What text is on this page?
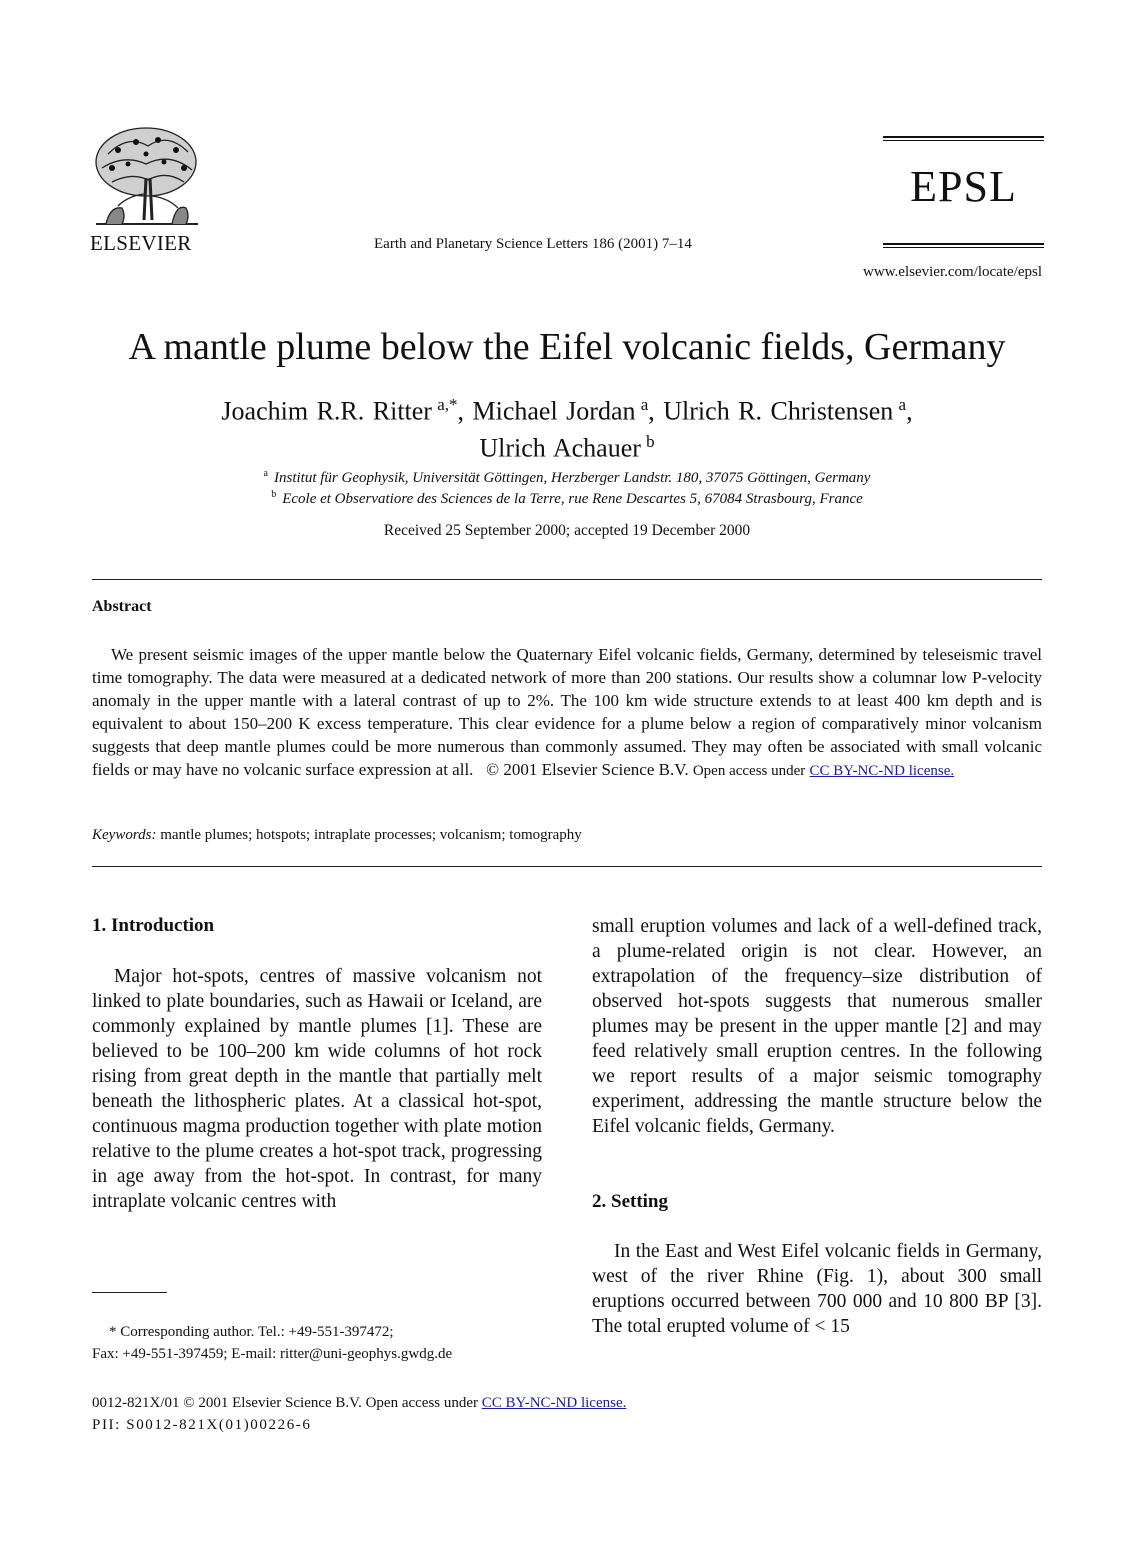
ELSEVIER	Earth and Planetary Science Letters 186 (2001) 7–14
EPSL
www.elsevier.com/locate/epsl
A mantle plume below the Eifel volcanic fields, Germany
Joachim R.R. Ritter  $^{a,*}$, Michael Jordan  $^a$, Ulrich R. Christensen  $^a$,
Ulrich Achauer  $^b$
$^a$ Institut für Geophysik, Universität Göttingen, Herzberger Landstr. 180, 37075 Göttingen, Germany
$^b$ Ecole et Observatiore des Sciences de la Terre, rue Rene Descartes 5, 67084 Strasbourg, France
Received 25 September 2000; accepted 19 December 2000
Abstract
We present seismic images of the upper mantle below the Quaternary Eifel volcanic fields, Germany, determined by teleseismic travel time tomography. The data were measured at a dedicated network of more than 200 stations. Our results show a columnar low P-velocity anomaly in the upper mantle with a lateral contrast of up to 2%. The 100 km wide structure extends to at least 400 km depth and is equivalent to about 150–200 K excess temperature. This clear evidence for a plume below a region of comparatively minor volcanism suggests that deep mantle plumes could be more numerous than commonly assumed. They may often be associated with small volcanic fields or may have no volcanic surface expression at all. © 2001 Elsevier Science B.V. Open access under CC BY-NC-ND license.
Keywords: mantle plumes; hotspots; intraplate processes; volcanism; tomography
1. Introduction

Major hot-spots, centres of massive volcanism not linked to plate boundaries, such as Hawaii or Iceland, are commonly explained by mantle plumes [1]. These are believed to be 100–200 km wide columns of hot rock rising from great depth in the mantle that partially melt beneath the lithospheric plates. At a classical hot-spot, continuous magma production together with plate motion relative to the plume creates a hot-spot track, progressing in age away from the hot-spot. In contrast, for many intraplate volcanic centres with

small eruption volumes and lack of a well-defined track, a plume-related origin is not clear. However, an extrapolation of the frequency–size distribution of observed hot-spots suggests that numerous smaller plumes may be present in the upper mantle [2] and may feed relatively small eruption centres. In the following we report results of a major seismic tomography experiment, addressing the mantle structure below the Eifel volcanic fields, Germany.

2. Setting

In the East and West Eifel volcanic fields in Germany, west of the river Rhine (Fig. 1), about 300 small eruptions occurred between 700 000 and 10 800 BP [3]. The total erupted volume of < 15

* Corresponding author. Tel.: +49-551-397472;
Fax: +49-551-397459; E-mail: ritter@uni-geophys.gwdg.de
0012-821X/01 © 2001 Elsevier Science B.V. Open access under CC BY-NC-ND license.
PII: S0012-821X(01)00226-6
